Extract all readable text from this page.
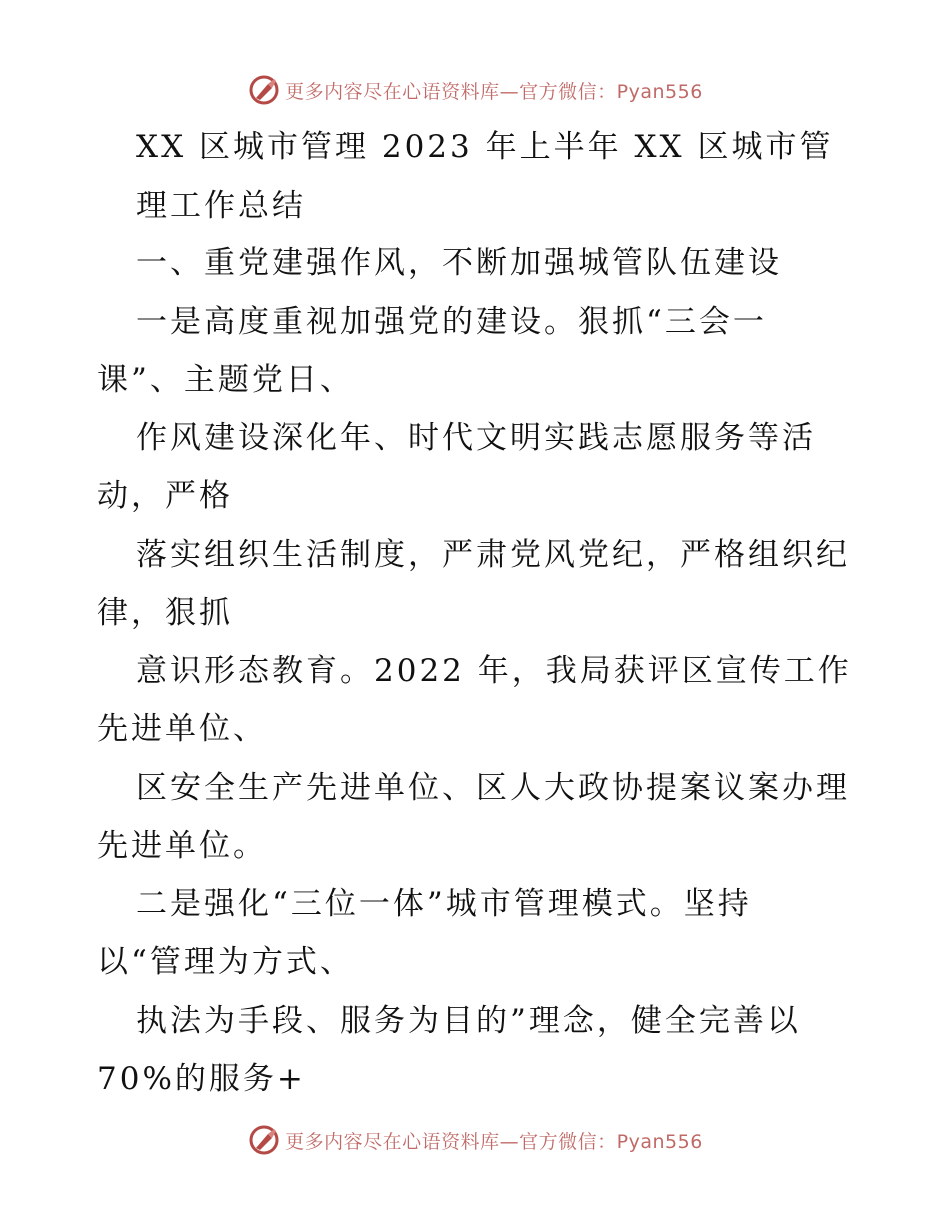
更多内容尽在心语资料库—官方微信：Pyan556
XX 区城市管理 2023 年上半年 XX 区城市管
理工作总结
一、重党建强作风，不断加强城管队伍建设
一是高度重视加强党的建设。狠抓“三会一
课”、主题党日、
作风建设深化年、时代文明实践志愿服务等活
动，严格
落实组织生活制度，严肃党风党纪，严格组织纪
律，狠抓
意识形态教育。2022 年，我局获评区宣传工作
先进单位、
区安全生产先进单位、区人大政协提案议案办理
先进单位。
二是强化“三位一体”城市管理模式。坚持
以“管理为方式、
执法为手段、服务为目的”理念，健全完善以
70%的服务+
更多内容尽在心语资料库—官方微信：Pyan556
